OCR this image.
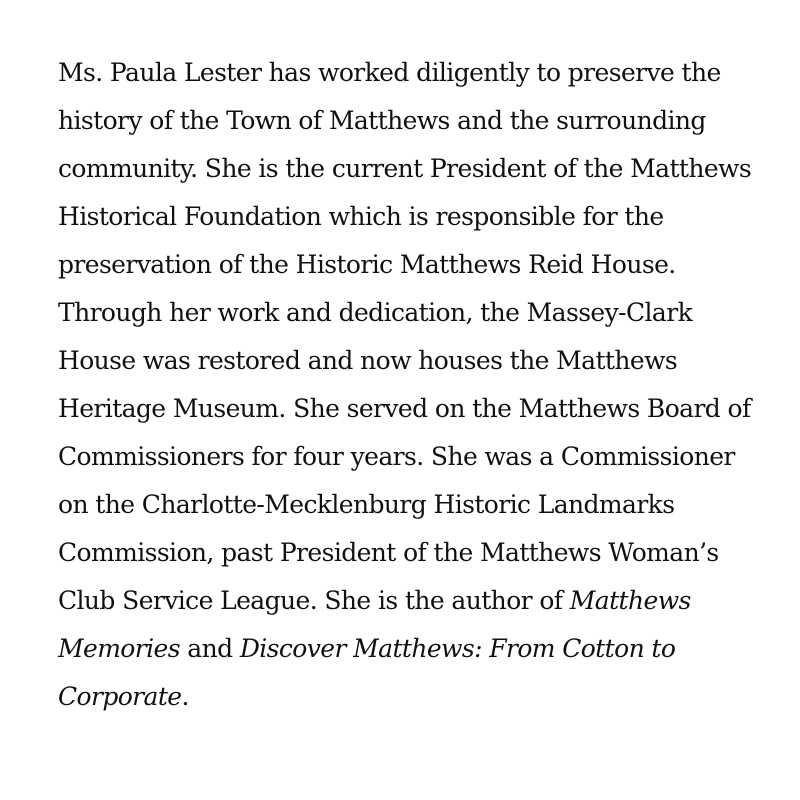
Ms. Paula Lester has worked diligently to preserve the
history of the Town of Matthews and the surrounding
community. She is the current President of the Matthews
Historical Foundation which is responsible for the
preservation of the Historic Matthews Reid House.
Through her work and dedication, the Massey-Clark
House was restored and now houses the Matthews
Heritage Museum. She served on the Matthews Board of
Commissioners for four years. She was a Commissioner
on the Charlotte-Mecklenburg Historic Landmarks
Commission, past President of the Matthews Woman’s
Club Service League. She is the author of Matthews
Memories and Discover Matthews: From Cotton to
Corporate.
